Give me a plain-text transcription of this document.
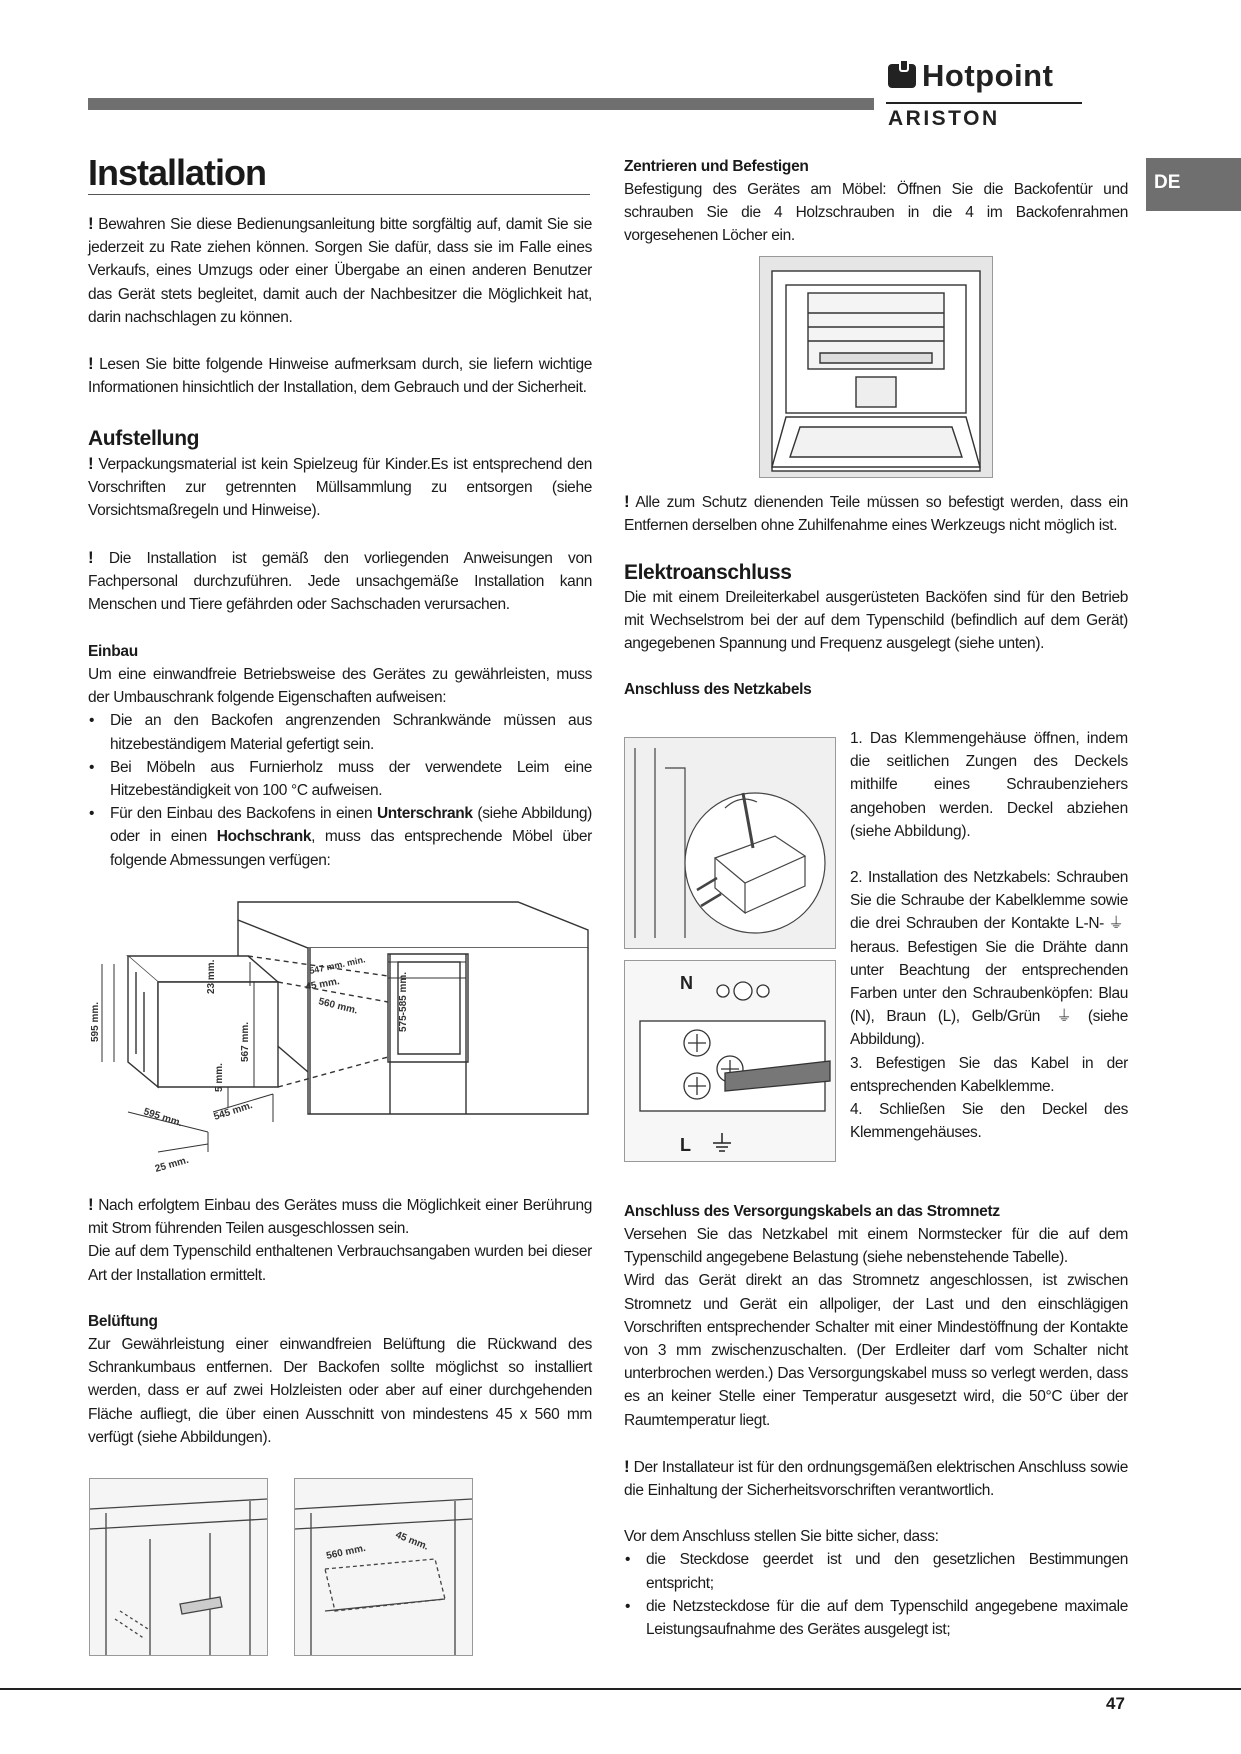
Hotpoint
ARISTON
DE
Installation

! Bewahren Sie diese Bedienungsanleitung bitte sorgfältig auf, damit Sie sie jederzeit zu Rate ziehen können. Sorgen Sie dafür, dass sie im Falle eines Verkaufs, eines Umzugs oder einer Übergabe an einen anderen Benutzer das Gerät stets begleitet, damit auch der Nachbesitzer die Möglichkeit hat, darin nachschlagen zu können.

! Lesen Sie bitte folgende Hinweise aufmerksam durch, sie liefern wichtige Informationen hinsichtlich der Installation, dem Gebrauch und der Sicherheit.

Aufstellung

! Verpackungsmaterial ist kein Spielzeug für Kinder.Es ist entsprechend den Vorschriften zur getrennten Müllsammlung zu entsorgen (siehe Vorsichtsmaßregeln und Hinweise).

! Die Installation ist gemäß den vorliegenden Anweisungen von Fachpersonal durchzuführen. Jede unsachgemäße Installation kann Menschen und Tiere gefährden oder Sachschaden verursachen.

Einbau

Um eine einwandfreie Betriebsweise des Gerätes zu gewährleisten, muss der Umbauschrank folgende Eigenschaften aufweisen:

• Die an den Backofen angrenzenden Schrankwände müssen aus hitzebeständigem Material gefertigt sein.
• Bei Möbeln aus Furnierholz muss der verwendete Leim eine Hitzebeständigkeit von 100 °C aufweisen.
• Für den Einbau des Backofens in einen Unterschrank (siehe Abbildung) oder in einen Hochschrank, muss das entsprechende Möbel über folgende Abmessungen verfügen:
595 mm.
23 mm.
567 mm.
5 mm.
595 mm.	545 mm.
25 mm.
547 mm. min.
45 mm.
560 mm.	575-585 mm.

! Nach erfolgtem Einbau des Gerätes muss die Möglichkeit einer Berührung mit Strom führenden Teilen ausgeschlossen sein.

Die auf dem Typenschild enthaltenen Verbrauchsangaben wurden bei dieser Art der Installation ermittelt.

Belüftung

Zur Gewährleistung einer einwandfreien Belüftung die Rückwand des Schrankumbaus entfernen. Der Backofen sollte möglichst so installiert werden, dass er auf zwei Holzleisten oder aber auf einer durchgehenden Fläche aufliegt, die über einen Ausschnitt von mindestens 45 x 560 mm verfügt (siehe Abbildungen).

560 mm.	45 mm.
Zentrieren und Befestigen

Befestigung des Gerätes am Möbel: Öffnen Sie die Backofentür und schrauben Sie die 4 Holzschrauben in die 4 im Backofenrahmen vorgesehenen Löcher ein.

! Alle zum Schutz dienenden Teile müssen so befestigt werden, dass ein Entfernen derselben ohne Zuhilfenahme eines Werkzeugs nicht möglich ist.

Elektroanschluss

Die mit einem Dreileiterkabel ausgerüsteten Backöfen sind für den Betrieb mit Wechselstrom bei der auf dem Typenschild (befindlich auf dem Gerät) angegebenen Spannung und Frequenz ausgelegt (siehe unten).

Anschluss des Netzkabels
N
L

1. Das Klemmengehäuse öffnen, indem die seitlichen Zungen des Deckels mithilfe eines Schraubenziehers angehoben werden. Deckel abziehen (siehe Abbildung).

2. Installation des Netzkabels: Schrauben Sie die Schraube der Kabelklemme sowie die drei Schrauben der Kontakte L-N- ⏚heraus. Befestigen Sie die Drähte dann unter Beachtung der entsprechenden Farben unter den Schraubenköpfen: Blau (N), Braun (L), Gelb/Grün ⏚ (siehe Abbildung).

3. Befestigen Sie das Kabel in der entsprechenden Kabelklemme.

4. Schließen Sie den Deckel des Klemmengehäuses.

Anschluss des Versorgungskabels an das Stromnetz

Versehen Sie das Netzkabel mit einem Normstecker für die auf dem Typenschild angegebene Belastung (siehe nebenstehende Tabelle).

Wird das Gerät direkt an das Stromnetz angeschlossen, ist zwischen Stromnetz und Gerät ein allpoliger, der Last und den einschlägigen Vorschriften entsprechender Schalter mit einer Mindestöffnung der Kontakte von 3 mm zwischenzuschalten. (Der Erdleiter darf vom Schalter nicht unterbrochen werden.) Das Versorgungskabel muss so verlegt werden, dass es an keiner Stelle einer Temperatur ausgesetzt wird, die 50°C über der Raumtemperatur liegt.

! Der Installateur ist für den ordnungsgemäßen elektrischen Anschluss sowie die Einhaltung der Sicherheitsvorschriften verantwortlich.

Vor dem Anschluss stellen Sie bitte sicher, dass:

• die Steckdose geerdet ist und den gesetzlichen Bestimmungen entspricht;
• die Netzsteckdose für die auf dem Typenschild angegebene maximale Leistungsaufnahme des Gerätes ausgelegt ist;
47
